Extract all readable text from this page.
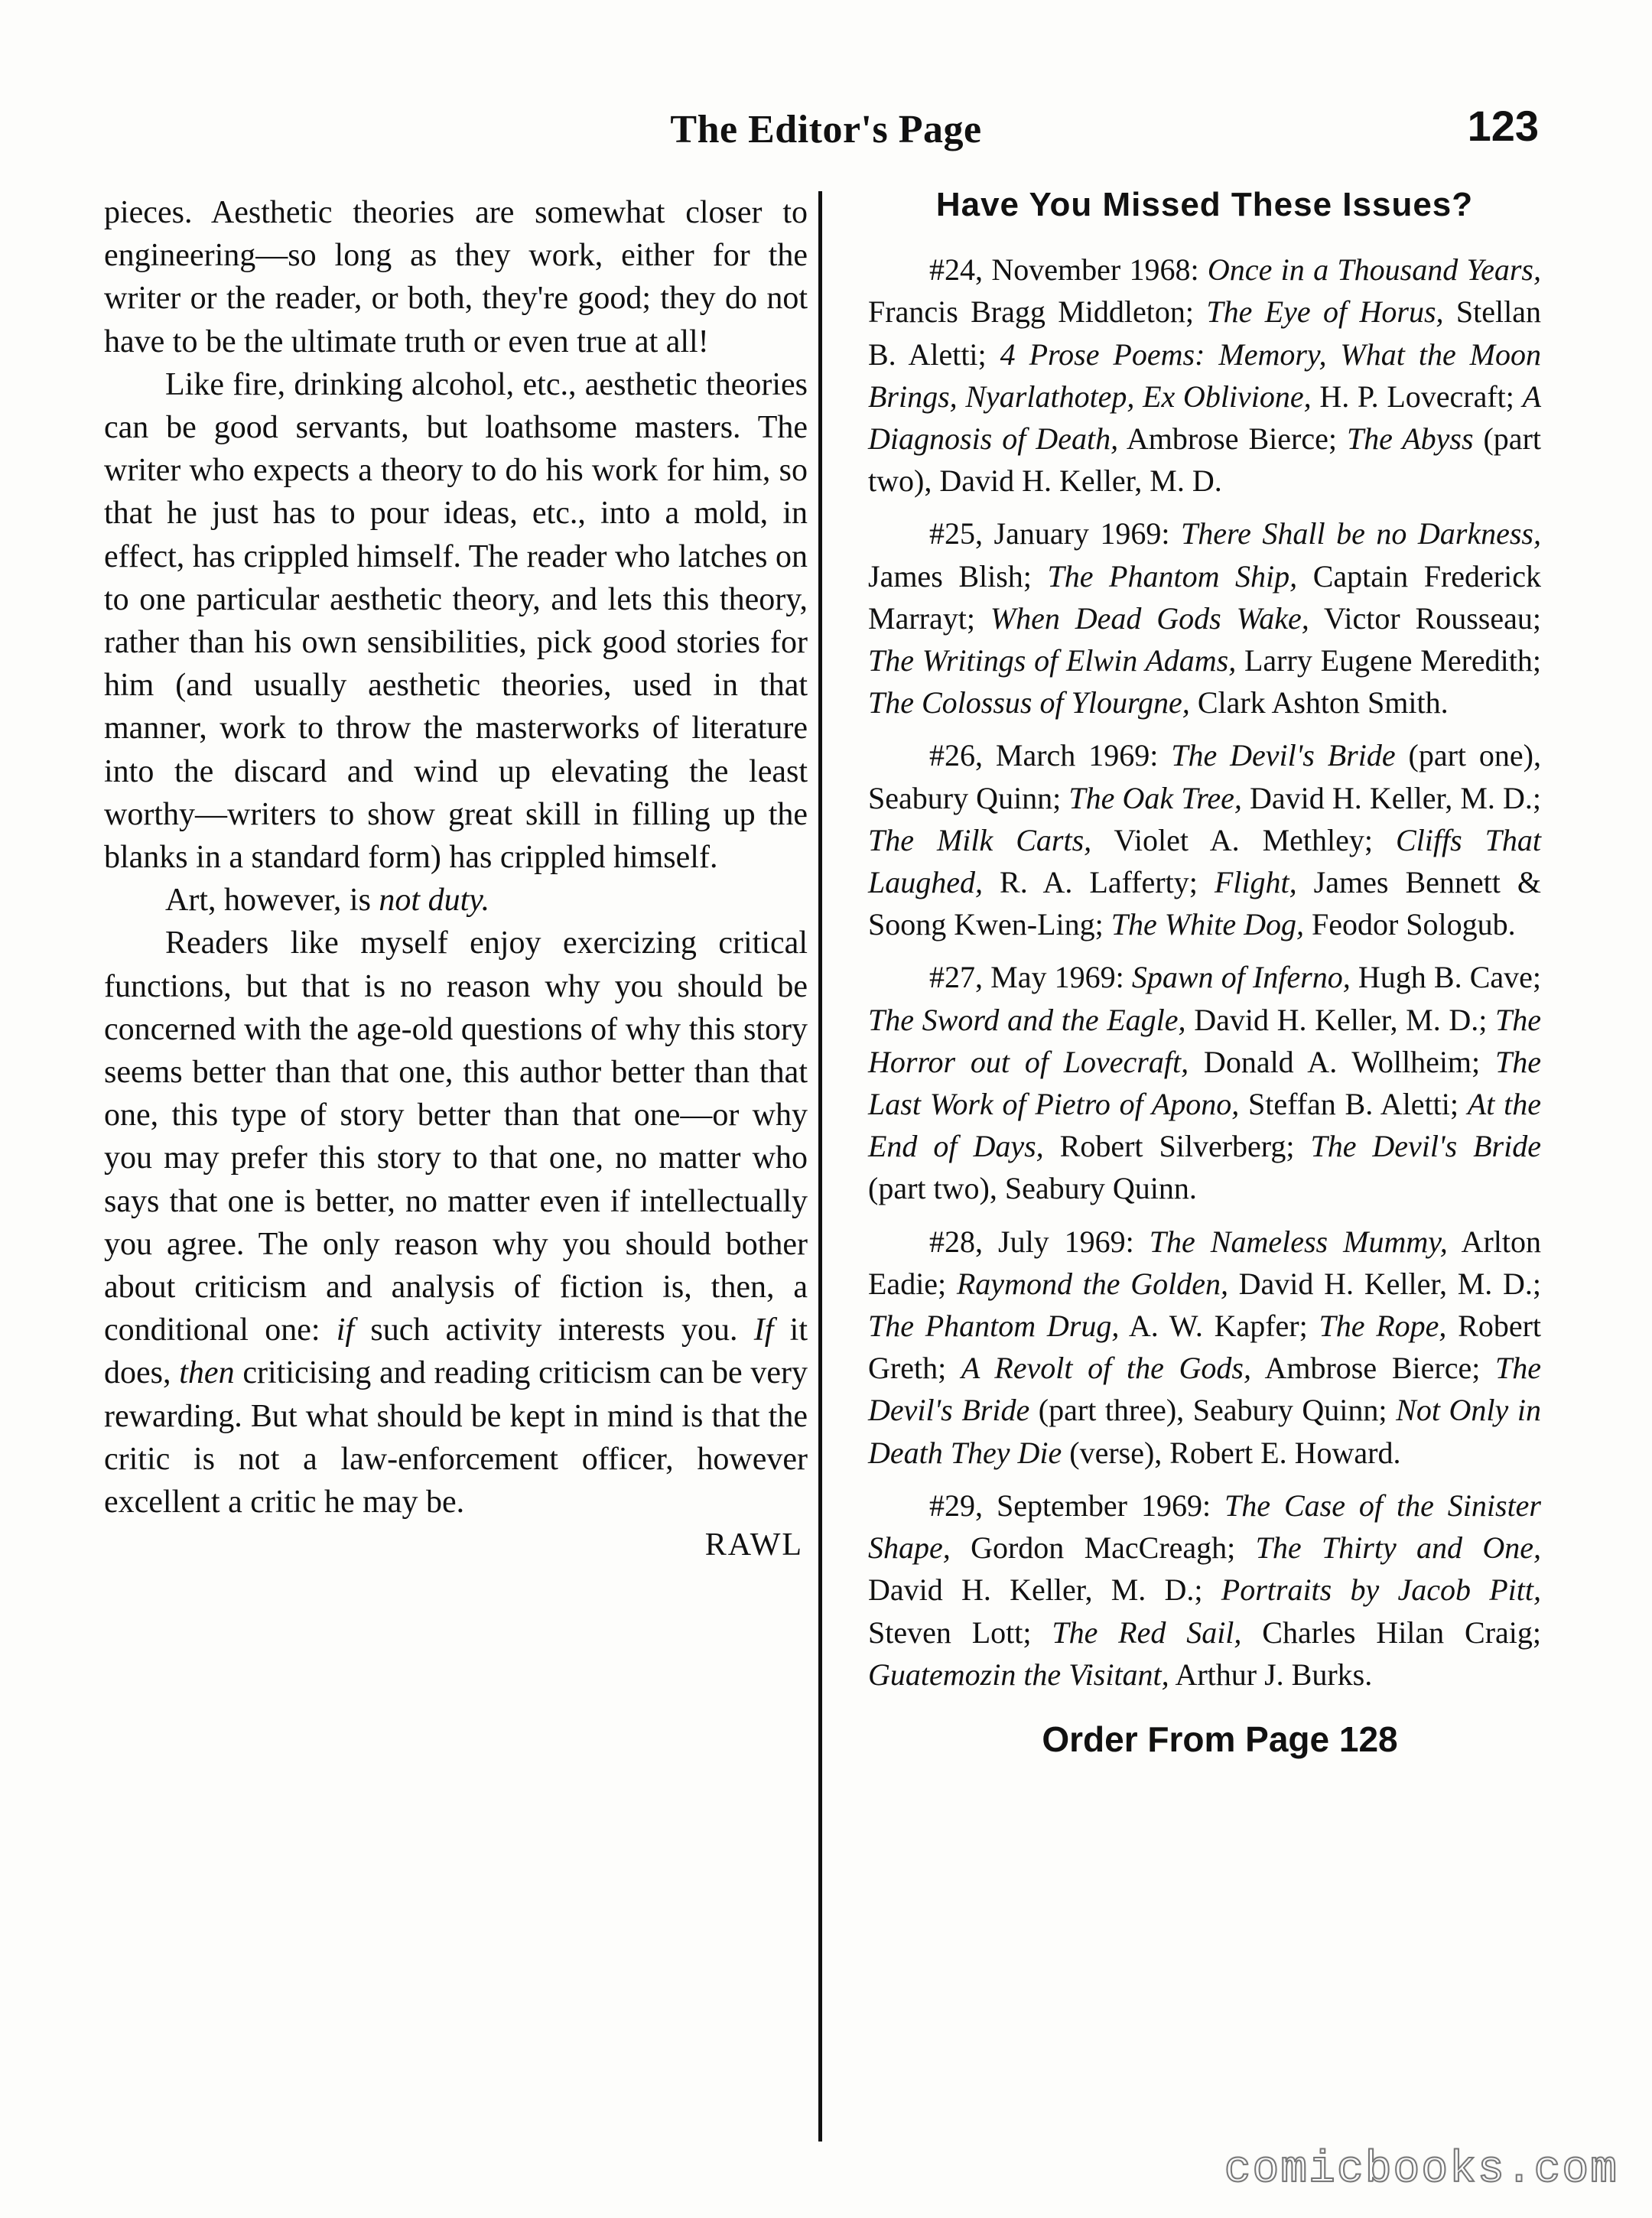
The Editor's Page	123

pieces. Aesthetic theories are somewhat closer to engineering—so long as they work, either for the writer or the reader, or both, they're good; they do not have to be the ultimate truth or even true at all!

Like fire, drinking alcohol, etc., aesthetic theories can be good servants, but loathsome masters. The writer who expects a theory to do his work for him, so that he just has to pour ideas, etc., into a mold, in effect, has crippled himself. The reader who latches on to one particular aesthetic theory, and lets this theory, rather than his own sensibilities, pick good stories for him (and usually aesthetic theories, used in that manner, work to throw the masterworks of literature into the discard and wind up elevating the least worthy—writers to show great skill in filling up the blanks in a standard form) has crippled himself.

Art, however, is not duty.

Readers like myself enjoy exercizing critical functions, but that is no reason why you should be concerned with the age-old questions of why this story seems better than that one, this author better than that one, this type of story better than that one—or why you may prefer this story to that one, no matter who says that one is better, no matter even if intellectually you agree. The only reason why you should bother about criticism and analysis of fiction is, then, a conditional one: if such activity interests you. If it does, then criticising and reading criticism can be very rewarding. But what should be kept in mind is that the critic is not a law-enforcement officer, however excellent a critic he may be.

RAWL
Have You Missed These Issues?

#24, November 1968: Once in a Thousand Years, Francis Bragg Middleton; The Eye of Horus, Stellan B. Aletti; 4 Prose Poems: Memory, What the Moon Brings, Nyarlathotep, Ex Oblivione, H. P. Lovecraft; A Diagnosis of Death, Ambrose Bierce; The Abyss (part two), David H. Keller, M. D.

#25, January 1969: There Shall be no Darkness, James Blish; The Phantom Ship, Captain Frederick Marrayt; When Dead Gods Wake, Victor Rousseau; The Writings of Elwin Adams, Larry Eugene Meredith; The Colossus of Ylourgne, Clark Ashton Smith.

#26, March 1969: The Devil's Bride (part one), Seabury Quinn; The Oak Tree, David H. Keller, M. D.; The Milk Carts, Violet A. Methley; Cliffs That Laughed, R. A. Lafferty; Flight, James Bennett & Soong Kwen-Ling; The White Dog, Feodor Sologub.

#27, May 1969: Spawn of Inferno, Hugh B. Cave; The Sword and the Eagle, David H. Keller, M. D.; The Horror out of Lovecraft, Donald A. Wollheim; The Last Work of Pietro of Apono, Steffan B. Aletti; At the End of Days, Robert Silverberg; The Devil's Bride (part two), Seabury Quinn.

#28, July 1969: The Nameless Mummy, Arlton Eadie; Raymond the Golden, David H. Keller, M. D.; The Phantom Drug, A. W. Kapfer; The Rope, Robert Greth; A Revolt of the Gods, Ambrose Bierce; The Devil's Bride (part three), Seabury Quinn; Not Only in Death They Die (verse), Robert E. Howard.

#29, September 1969: The Case of the Sinister Shape, Gordon MacCreagh; The Thirty and One, David H. Keller, M. D.; Portraits by Jacob Pitt, Steven Lott; The Red Sail, Charles Hilan Craig; Guatemozin the Visitant, Arthur J. Burks.

Order From Page 128
comicbooks.com
